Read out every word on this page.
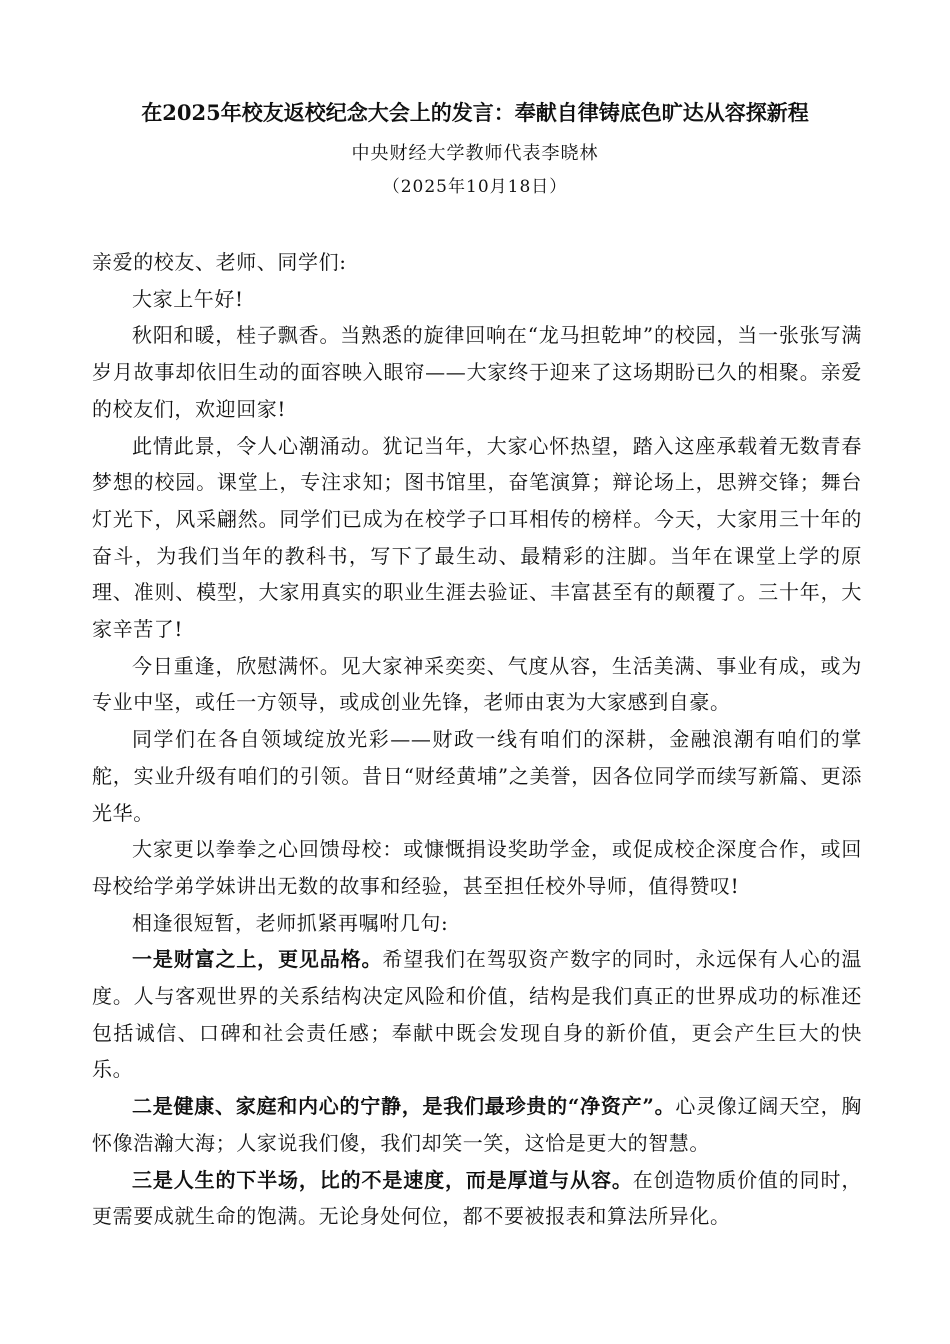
在2025年校友返校纪念大会上的发言：奉献自律铸底色旷达从容探新程
中央财经大学教师代表李晓林
（2025年10月18日）

亲爱的校友、老师、同学们:

大家上午好!

秋阳和暖，桂子飘香。当熟悉的旋律回响在“龙马担乾坤”的校园，当一张张写满岁月故事却依旧生动的面容映入眼帘——大家终于迎来了这场期盼已久的相聚。亲爱的校友们，欢迎回家!

此情此景，令人心潮涌动。犹记当年，大家心怀热望，踏入这座承载着无数青春梦想的校园。课堂上，专注求知；图书馆里，奋笔演算；辩论场上，思辨交锋；舞台灯光下，风采翩然。同学们已成为在校学子口耳相传的榜样。今天，大家用三十年的奋斗，为我们当年的教科书，写下了最生动、最精彩的注脚。当年在课堂上学的原理、准则、模型，大家用真实的职业生涯去验证、丰富甚至有的颠覆了。三十年，大家辛苦了!

今日重逢，欣慰满怀。见大家神采奕奕、气度从容，生活美满、事业有成，或为专业中坚，或任一方领导，或成创业先锋，老师由衷为大家感到自豪。

同学们在各自领域绽放光彩——财政一线有咱们的深耕，金融浪潮有咱们的掌舵，实业升级有咱们的引领。昔日“财经黄埔”之美誉，因各位同学而续写新篇、更添光华。

大家更以拳拳之心回馈母校：或慷慨捐设奖助学金，或促成校企深度合作，或回母校给学弟学妹讲出无数的故事和经验，甚至担任校外导师，值得赞叹!

相逢很短暂，老师抓紧再嘱咐几句:

一是财富之上，更见品格。希望我们在驾驭资产数字的同时，永远保有人心的温度。人与客观世界的关系结构决定风险和价值，结构是我们真正的世界成功的标准还包括诚信、口碑和社会责任感；奉献中既会发现自身的新价值，更会产生巨大的快乐。

二是健康、家庭和内心的宁静，是我们最珍贵的“净资产”。心灵像辽阔天空，胸怀像浩瀚大海；人家说我们傻，我们却笑一笑，这恰是更大的智慧。

三是人生的下半场，比的不是速度，而是厚道与从容。在创造物质价值的同时，更需要成就生命的饱满。无论身处何位，都不要被报表和算法所异化。
